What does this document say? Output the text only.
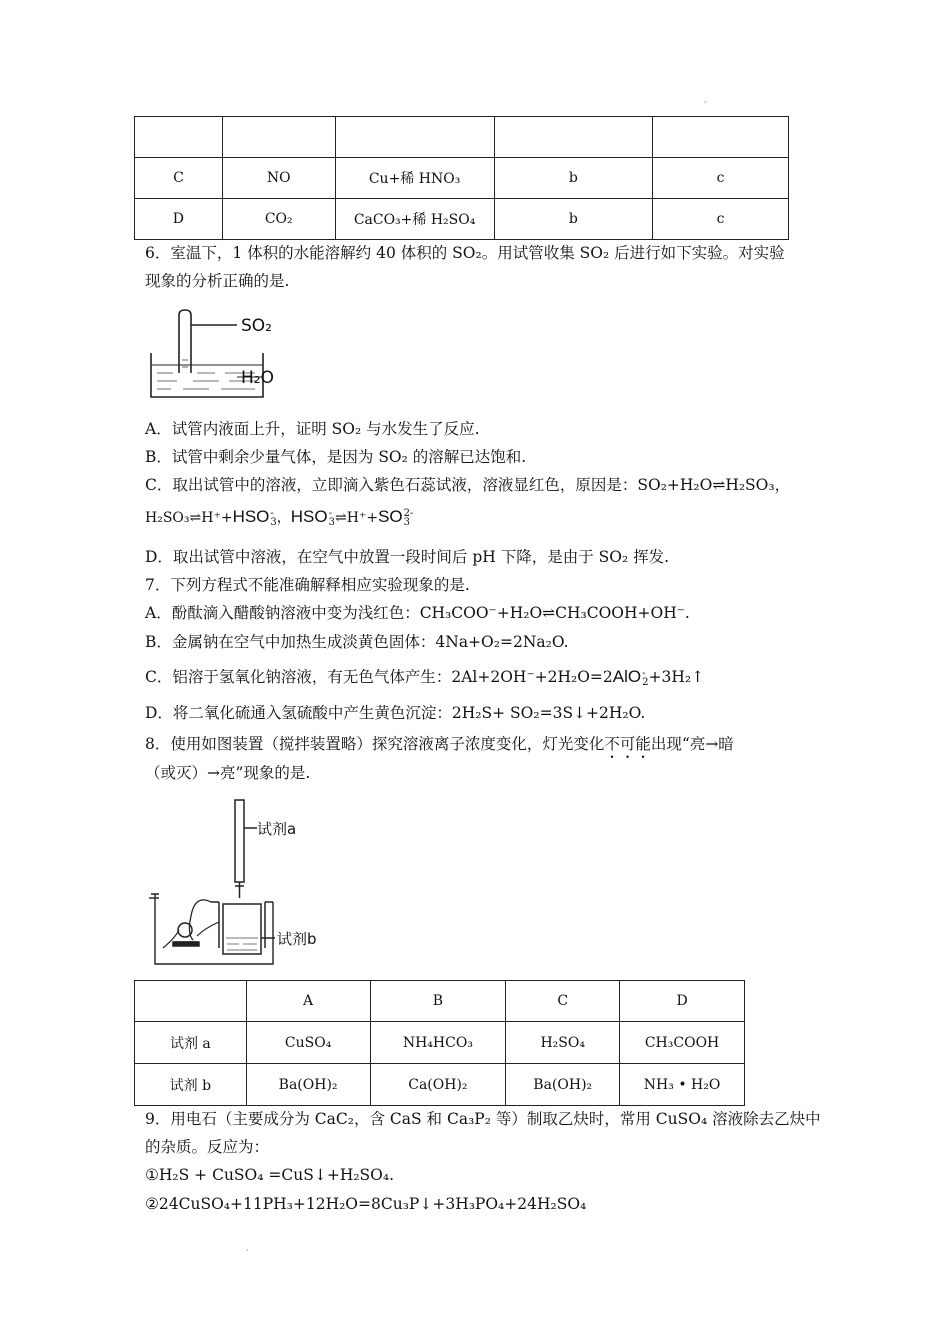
◦
·

C	NO	Cu+稀 HNO₃	b	c
D	CO₂	CaCO₃+稀 H₂SO₄	b	c
6．室温下，1 体积的水能溶解约 40 体积的 SO₂。用试管收集 SO₂ 后进行如下实验。对实验
现象的分析正确的是.
SO₂
H₂O
A．试管内液面上升，证明 SO₂ 与水发生了反应.
B．试管中剩余少量气体，是因为 SO₂ 的溶解已达饱和.
C．取出试管中的溶液，立即滴入紫色石蕊试液，溶液显红色，原因是：SO₂+H₂O⇌H₂SO₃，
H₂SO₃⇌H⁺+HSO-
3，HSO-
3⇌H⁺+SO2-
3
D．取出试管中溶液，在空气中放置一段时间后 pH 下降，是由于 SO₂ 挥发.
7．下列方程式不能准确解释相应实验现象的是.
A．酚酞滴入醋酸钠溶液中变为浅红色：CH₃COO⁻+H₂O⇌CH₃COOH+OH⁻.
B．金属钠在空气中加热生成淡黄色固体：4Na+O₂=2Na₂O.
C．铝溶于氢氧化钠溶液，有无色气体产生：2Al+2OH⁻+2H₂O=2AlO-
2+3H₂↑
D．将二氧化硫通入氢硫酸中产生黄色沉淀：2H₂S+ SO₂=3S↓+2H₂O.
8．使用如图装置（搅拌装置略）探究溶液离子浓度变化，灯光变化不可能出现“亮→暗
（或灭）→亮”现象的是.
试剂a
试剂b
	A	B	C	D
试剂 a	CuSO₄	NH₄HCO₃	H₂SO₄	CH₃COOH
试剂 b	Ba(OH)₂	Ca(OH)₂	Ba(OH)₂	NH₃ • H₂O
9．用电石（主要成分为 CaC₂，含 CaS 和 Ca₃P₂ 等）制取乙炔时，常用 CuSO₄ 溶液除去乙炔中
的杂质。反应为：
①H₂S + CuSO₄ =CuS↓+H₂SO₄.
②24CuSO₄+11PH₃+12H₂O=8Cu₃P↓+3H₃PO₄+24H₂SO₄
